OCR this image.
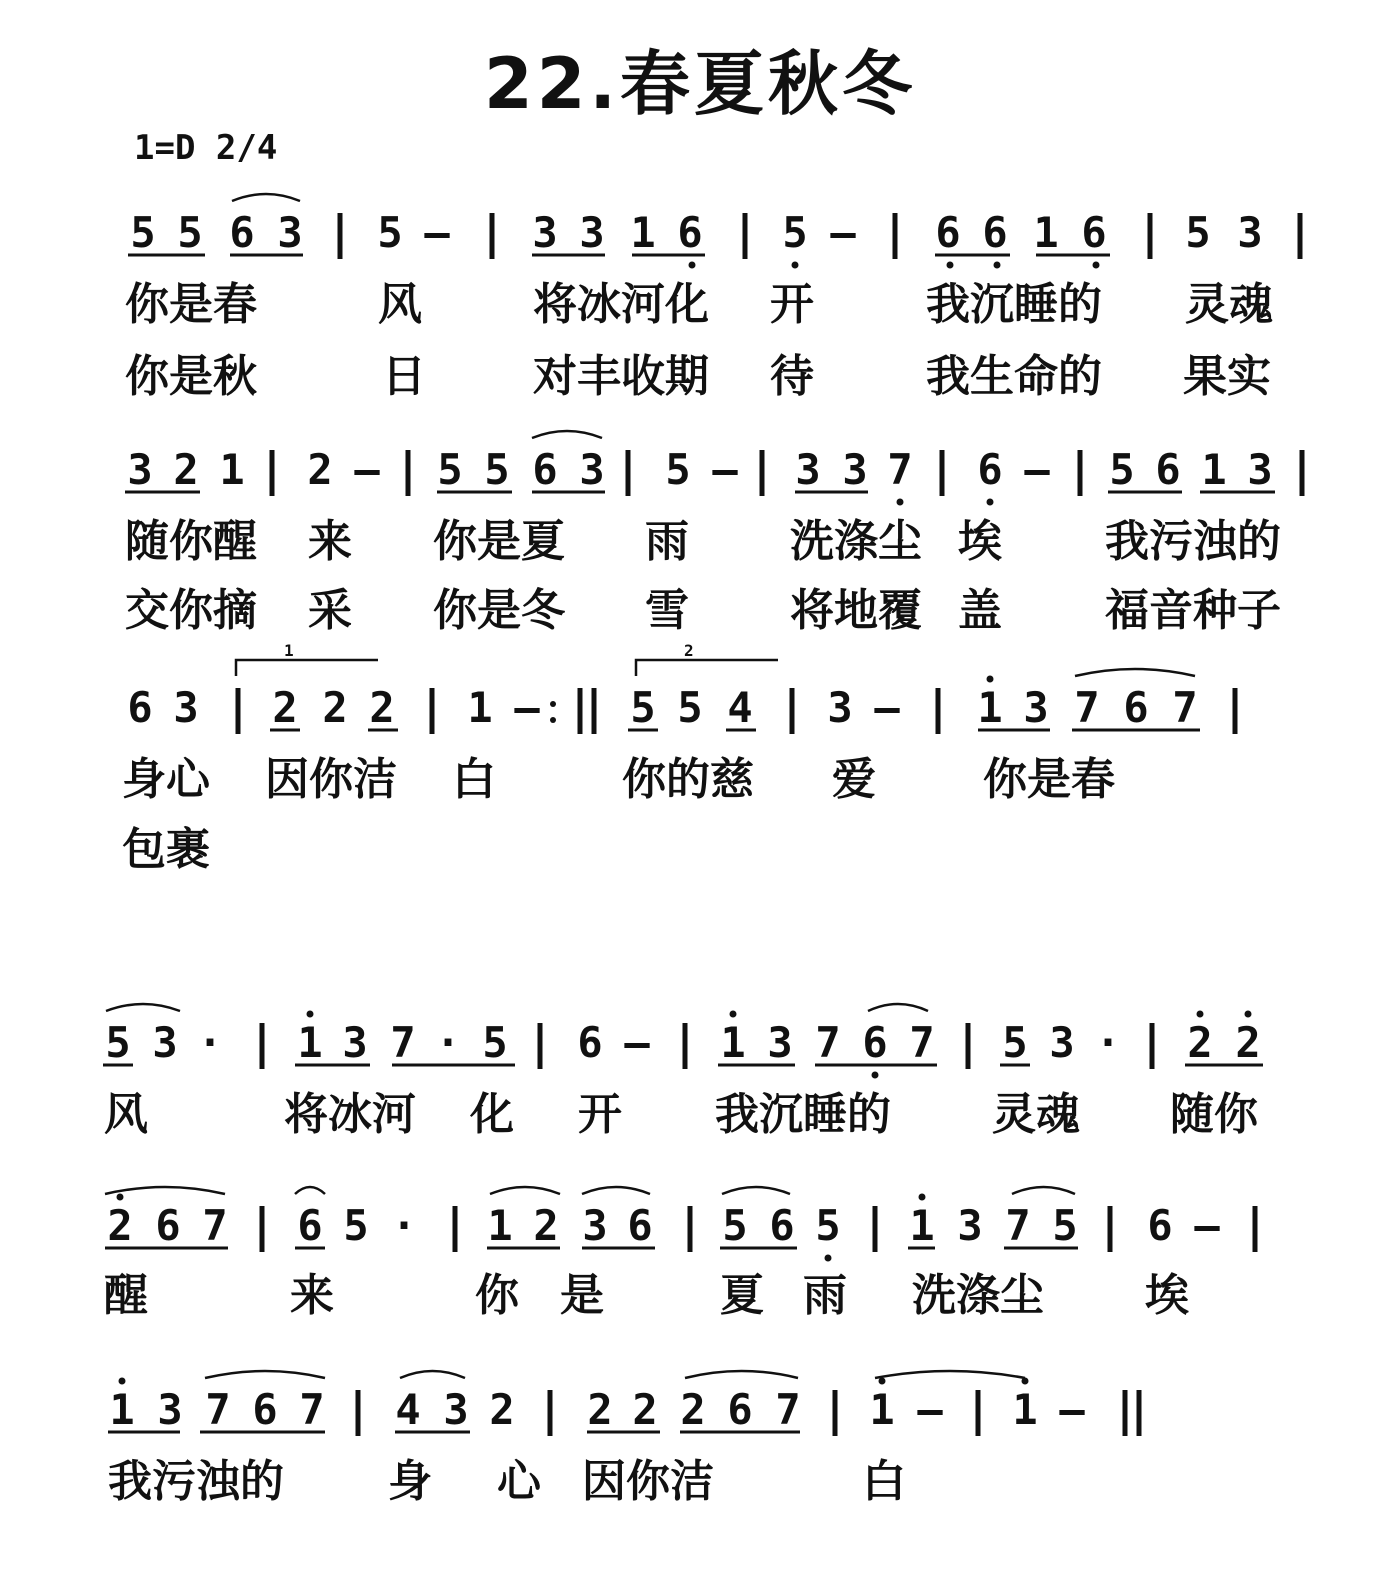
22.春夏秋冬
1=D 2/4
5 5 6 3 5 – 3 3 1 6 5 – 6 6 1 6 5 3
你是春	风	将冰河化 开	我沉睡的 灵魂
你是秋	日 对丰收期 待	我生命的 果实
3 2 1 2 – 5 5 6 3 5 – 3 3 7 6 – 5 6 1 3
随你醒 来 你是夏 雨 洗涤尘 埃 我污浊的
交你摘 采 你是冬 雪 将地覆 盖 福音种子
6 3 2 2 2 1 – 5 5 4 3 – 1 3 7 6 7
1	2
身心 因你洁 白	你的慈 爱 你是春
包裹
5 3 · 1 3 7 · 5 6 – 1 3 7 6 7 5 3 · 2 2
风	将冰河 化 开 我沉睡的 灵魂 随你
2 6 7 6 5 · 1 2 3 6 5 6 5 1 3 7 5 6 –
醒	来	你 是	夏 雨 洗涤尘 埃
1 3 7 6 7 4 3 2 2 2 2 6 7 1 – 1 –
我污浊的 身 心 因你洁	白
